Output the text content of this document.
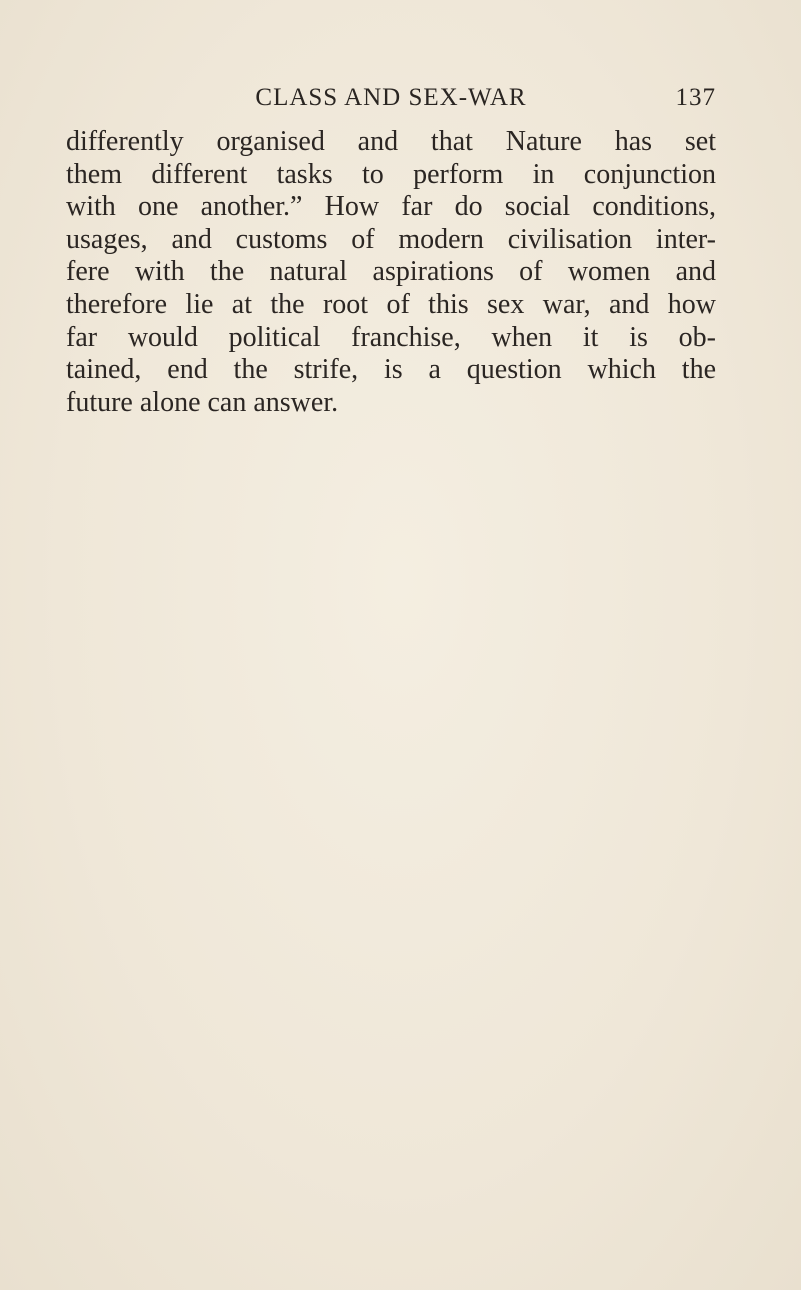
CLASS AND SEX-WAR	137

differently organised and that Nature has set
them different tasks to perform in conjunction
with one another.” How far do social conditions,
usages, and customs of modern civilisation inter-
fere with the natural aspirations of women and
therefore lie at the root of this sex war, and how
far would political franchise, when it is ob-
tained, end the strife, is a question which the
future alone can answer.
